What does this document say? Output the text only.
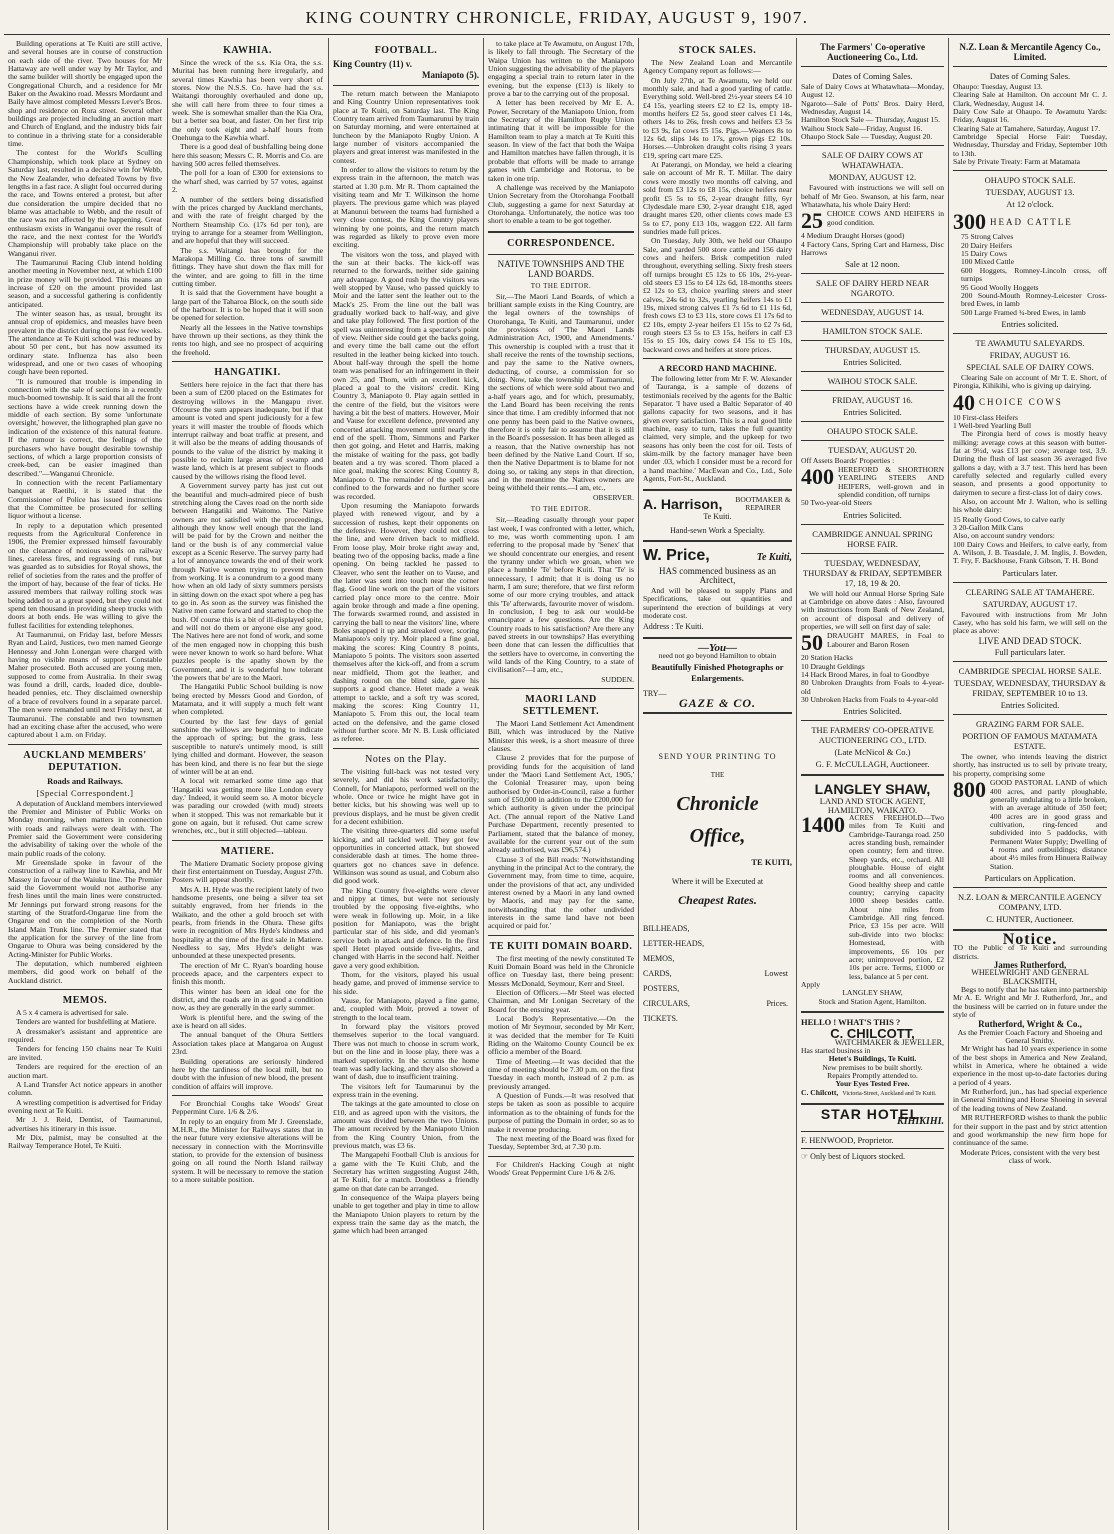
KING COUNTRY CHRONICLE, FRIDAY, AUGUST 9, 1907.

Building operations at Te Kuiti are still active, and several houses are in course of construction on each side of the river. Two houses for Mr Hattaway are well under way by Mr Taylor, and the same builder will shortly be engaged upon the Congregational Church, and a residence for Mr Baker on the Awakino road. Messrs Mordaunt and Baily have almost completed Messrs Lever's Bros. shop and residence on Rora street. Several other buildings are projected including an auction mart and Church of England, and the industry bids fair to continue in a thriving state for a considerable time.

The contest for the World's Sculling Championship, which took place at Sydney on Saturday last, resulted in a decisive win for Webb, the New Zealander, who defeated Towns by five lengths in a fast race. A slight foul occurred during the race, and Towns entered a protest, but after due consideration the umpire decided that no blame was attachable to Webb, and the result of the race was not affected by the happening. Great enthusiasm exists in Wanganui over the result of the race, and the next contest for the World's Championship will probably take place on the Wanganui river.

The Taumarunui Racing Club intend holding another meeting in November next, at which £100 in prize money will be provided. This means an increase of £20 on the amount provided last season, and a successful gathering is confidently anticipated.

The winter season has, as usual, brought its annual crop of epidemics, and measles have been prevalent in the district during the past few weeks. The attendance at Te Kuiti school was reduced by about 50 per cent., but has now assumed its ordinary state. Influenza has also been widespread, and one or two cases of whooping cough have been reported.

"It is rumoured that trouble is impending in connection with the sale of sections in a recently much-boomed township. It is said that all the front sections have a wide creek running down the middle of each section. By some 'unfortunate oversight,' however, the lithographed plan gave no indication of the existence of this natural feature. If the rumour is correct, the feelings of the purchasers who have bought desirable township sections, of which a large proportion consists of creek-bed, can be easier imagined than described."—Wanganui Chronicle.

In connection with the recent Parliamentary banquet at Raetihi, it is stated that the Commissioner of Police has issued instructions that the Committee be prosecuted for selling liquor without a license.

In reply to a deputation which presented requests from the Agricultural Conference in 1906, the Premier expressed himself favourably on the clearance of noxious weeds on railway lines, careless fires, and regrassing of runs, but was guarded as to subsidies for Royal shows, the relief of societies from the rates and the proffer of the import of hay, because of the fear of ticks. He assured members that railway rolling stock was being added to at a great speed, but they could not spend ten thousand in providing sheep trucks with doors at both ends. He was willing to give the fullest facilities for extending telephones.

At Taumarunui, on Friday last, before Messrs Ryan and Laird, Justices, two men named George Hennessy and John Lonergan were charged with having no visible means of support. Constable Maher prosecuted. Both accused are young men, supposed to come from Australia. In their swag was found a drill, cards, loaded dice, double-headed pennies, etc. They disclaimed ownership of a brace of revolvers found in a separate parcel. The men were remanded until next Friday next, at Taumarunui. The constable and two townsmen had an exciting chase after the accused, who were captured about 1 a.m. on Friday.

AUCKLAND MEMBERS' DEPUTATION.
Roads and Railways.
[Special Correspondent.]

A deputation of Auckland members interviewed the Premier and Minister of Public Works on Monday morning, when matters in connection with roads and railways were dealt with. The Premier said the Government were considering the advisability of taking over the whole of the main public roads of the colony.

Mr Greenslade spoke in favour of the construction of a railway line to Kawhia, and Mr Massey in favour of the Waiuku line. The Premier said the Government would not authorise any fresh lines until the main lines were constructed. Mr Jennings put forward strong reasons for the starting of the Stratford-Ongarue line from the Ongarue end on the completion of the North Island Main Trunk line. The Premier stated that the application for the survey of the line from Ongarue to Ohura was being considered by the Acting-Minister for Public Works.

The deputation, which numbered eighteen members, did good work on behalf of the Auckland district.

MEMOS.

A 5 x 4 camera is advertised for sale.

Tenders are wanted for bushfelling at Matiere.

A dressmaker's assistant and apprentice are required.

Tenders for fencing 150 chains near Te Kuiti are invited.

Tenders are required for the erection of an auction mart.

A Land Transfer Act notice appears in another column.

A wrestling competition is advertised for Friday evening next at Te Kuiti.

Mr J. J. Reid, Dentist, of Taumarunui, advertises his itinerary in this issue.

Mr Dix, palmist, may be consulted at the Railway Temperance Hotel, Te Kuiti.

KAWHIA.

Since the wreck of the s.s. Kia Ora, the s.s. Muritai has been running here irregularly, and several times Kawhia has been very short of stores. Now the N.S.S. Co. have had the s.s. Waitangi thoroughly overhauled and done up, she will call here from three to four times a week. She is somewhat smaller than the Kia Ora, but a better sea boat, and faster. On her first trip the only took eight and a-half hours from Onehunga to the Kawhia wharf.

There is a good deal of bushfalling being done here this season; Messrs C. R. Morris and Co. are having 500 acres felled themselves.

The poll for a loan of £300 for extensions to the wharf shed, was carried by 57 votes, against 2.

A number of the settlers being dissatisfied with the prices charged by Auckland merchants, and with the rate of freight charged by the Northern Steamship Co. (17s 6d per ton), are trying to arrange for a steamer from Wellington, and are hopeful that they will succeed.

The s.s. Waitangi has brought for the Marakopa Milling Co. three tons of sawmill fittings. They have shut down the flax mill for the winter, and are going to fill in the time cutting timber.

It is said that the Government have bought a large part of the Taharoa Block, on the south side of the harbour. It is to be hoped that it will soon be opened for selection.

Nearly all the lessees in the Native townships have thrown up their sections, as they think the rents too high, and see no prospect of acquiring the freehold.

HANGATIKI.

Settlers here rejoice in the fact that there has been a sum of £200 placed on the Estimates for destroying willows in the Mangapu river. Ofcourse the sum appears inadequate, but if that amount is voted and spent judiciously for a few years it will master the trouble of floods which interrupt railway and boat traffic at present, and it will also be the means of adding thousands of pounds to the value of the district by making it possible to reclaim large areas of swamp and waste land, which is at present subject to floods caused by the willows rising the flood level.

A Government survey party has just cut out the beautiful and much-admired piece of bush stretching along the Caves road on the north side between Hangatiki and Waitomo. The Native owners are not satisfied with the proceedings, although they know well enough that the land will be paid for by the Crown and neither the land or the bush is of any commercial value except as a Scenic Reserve. The survey party had a lot of annoyance towards the end of their work through Native women trying to prevent them from working. It is a conundrum to a good many how when an old lady of sixty summers persists in sitting down on the exact spot where a peg has to go in. As soon as the survey was finished the Native men came forward and started to chop the bush. Of course this is a bit of ill-displayed spite, and will not do them or anyone else any good. The Natives here are not fond of work, and some of the men engaged now in chopping this bush were never known to work so hard before. What puzzles people is the apathy shown by the Government, and it is wonderful how tolerant 'the powers that be' are to the Maori.

The Hangatiki Public School building is now being erected by Messrs Good and Gordon, of Matamata, and it will supply a much felt want when completed.

Courted by the last few days of genial sunshine the willows are beginning to indicate the approach of spring; but the grass, less susceptible to nature's untimely mood, is still lying chilled and dormant. However, the season has been kind, and there is no fear but the siege of winter will be at an end.

A local wit remarked some time ago that 'Hangatiki was getting more like London every day.' Indeed, it would seem so. A motor bicycle was parading our crowded (with mud) streets when it stopped. This was not remarkable but it gone on again, but it refused. Out came screw wrenches, etc., but it still objected—tableau.

MATIERE.

The Matiere Dramatic Society propose giving their first entertainment on Tuesday, August 27th. Posters will appear shortly.

Mrs A. H. Hyde was the recipient lately of two handsome presents, one being a silver tea set suitably engraved, from her friends in the Waikato, and the other a gold brooch set with pearls, from friends in the Ohura. These gifts were in recognition of Mrs Hyde's kindness and hospitality at the time of the first sale in Matiere. Needless to say, Mrs Hyde's delight was unbounded at these unexpected presents.

The erection of Mr C. Ryan's boarding house proceeds apace, and the carpenters expect to finish this month.

This winter has been an ideal one for the district, and the roads are in as good a condition now, as they are generally in the early summer.

Work is plentiful here, and the swing of the axe is heard on all sides.

The annual banquet of the Ohura Settlers Association takes place at Mangaroa on August 23rd.

Building operations are seriously hindered here by the tardiness of the local mill, but no doubt with the infusion of new blood, the present condition of affairs will improve.

For Bronchial Coughs take Woods' Great Peppermint Cure. 1/6 & 2/6.

In reply to an enquiry from Mr J. Greenslade, M.H.R., the Minister for Railways states that in the near future very extensive alterations will be necessary in connection with the Morrinsville station, to provide for the extension of business going on all round the North Island railway system. It will be necessary to remove the station to a more suitable position.

FOOTBALL.
King Country (11) v.
Maniapoto (5).

The return match between the Maniapoto and King Country Union representatives took place at Te Kuiti, on Saturday last. The King Country team arrived from Taumarunui by train on Saturday morning, and were entertained at luncheon by the Maniapoto Rugby Union. A large number of visitors accompanied the players and great interest was manifested in the contest.

In order to allow the visitors to return by the express train in the afternoon, the match was started at 1.30 p.m. Mr R. Thom captained the visiting team and Mr T. Wilkinson the home players. The previous game which was played at Manunui between the teams had furnished a very close contest, the King Country players winning by one points, and the return match was regarded as likely to prove even more exciting.

The visitors won the toss, and played with the sun at their backs. The kick-off was returned to the forwards, neither side gaining any advantage. A good rush by the visitors was well stopped by Vause, who passed quickly to Moir and the latter sent the leather out to the Mack's 25. From the line out the ball was gradually worked back to half-way, and give and take play followed. The first portion of the spell was uninteresting from a spectator's point of view. Neither side could get the backs going, and every time the ball came out the effort resulted in the leather being kicked into touch. About half-way through the spell the home team was penalised for an infringement in their own 25, and Thom, with an excellent kick, placed a goal to the visitors' credit. King Country 3, Maniapoto 0. Play again settled in the centre of the field, but the visitors were having a bit the best of matters. However, Moir and Vause for excellent defence, prevented any concerted attacking movement until nearly the end of the spell. Thom, Simmons and Parker then got going, and Hetet and Harris, making the mistake of waiting for the pass, got badly beaten and a try was scored. Thom placed a nice goal, making the scores: King Country 8, Maniapoto 0. The remainder of the spell was confined to the forwards and no further score was recorded.

Upon resuming the Maniapoto forwards played with renewed vigour, and by a succession of rushes, kept their opponents on the defensive. However, they could not cross the line, and were driven back to midfield. From loose play, Moir broke right away and, beating two of the opposing backs, made a fine opening. On being tackled he passed to Cleaver, who sent the leather on to Vause, and the latter was sent into touch near the corner flag. Good line work on the part of the visitors carried play once more to the centre. Moir again broke through and made a fine opening. The forwards swarmed round, and assisted in carrying the ball to near the visitors' line, where Boles snapped it up and streaked over, scoring Maniapoto's only try. Moir placed a fine goal, making the scores: King Country 8 points, Maniapoto 5 points. The visitors soon asserted themselves after the kick-off, and from a scrum near midfield, Thom got the leather, and dashing round on the blind side, gave his supports a good chance. Hetet made a weak attempt to tackle, and a soft try was scored, making the scores: King Country 11, Maniapoto 5. From this out, the local team acted on the defensive, and the game closed without further score. Mr N. B. Lusk officiated as referee.

Notes on the Play.

The visiting full-back was not tested very severely, and did his work satisfactorily; Connell, for Maniapoto, performed well on the whole. Once or twice he might have got in better kicks, but his showing was well up to previous displays, and he must be given credit for a decent exhibition.

The visiting three-quarters did some useful kicking, and all tackled well. They got few opportunities in concerted attack, but showed considerable dash at times. The home three-quarters got no chances save in defence. Wilkinson was sound as usual, and Coburn also did good work.

The King Country five-eighths were clever and nippy at times, but were not seriously troubled by the opposing five-eighths, who were weak in following up. Moir, in a like position for Maniapoto, was the bright particular star of his side, and did yeoman's service both in attack and defence. In the first spell Hetet played outside five-eights, and changed with Harris in the second half. Neither gave a very good exhibition.

Thom, for the visitors, played his usual heady game, and proved of immense service to his side.

Vause, for Maniapoto, played a fine game, and, coupled with Moir, proved a tower of strength to the local team.

In forward play the visitors proved themselves superior to the local vanguard. There was not much to choose in scrum work, but on the line and in loose play, there was a marked superiority. In the scrums the home team was sadly lacking, and they also showed a want of dash, due to insufficient training.

The visitors left for Taumarunui by the express train in the evening.

The takings at the gate amounted to close on £10, and as agreed upon with the visitors, the amount was divided between the two Unions. The amount received by the Maniapoto Union from the King Country Union, from the previous match, was £3 6s.

The Mangapehi Football Club is anxious for a game with the Te Kuiti Club, and the Secretary has written suggesting August 24th, at Te Kuiti, for a match. Doubtless a friendly game on that date can be arranged.

In consequence of the Waipa players being unable to get together and play in time to allow the Maniapoto Union players to return by the express train the same day as the match, the game which had been arranged

to take place at Te Awamutu, on August 17th, is likely to fall through. The Secretary of the Waipa Union has written to the Maniapoto Union suggesting the advisability of the players engaging a special train to return later in the evening, but the expense (£13) is likely to prove a bar to the carrying out of the proposal.

A letter has been received by Mr E. A. Power, Secretary of the Maniapoto Union, from the Secretary of the Hamilton Rugby Union intimating that it will be impossible for the Hamilton team to play a match at Te Kuiti this season. In view of the fact that both the Waipa and Hamilton matches have fallen through, it is probable that efforts will be made to arrange games with Cambridge and Rotorua, to be taken in one trip.

A challenge was received by the Maniapoto Union Secretary from the Otorohanga Football Club, suggesting a game for next Saturday at Otorohanga. Unfortunately, the notice was too short to enable a team to be got together.

CORRESPONDENCE.
NATIVE TOWNSHIPS AND THE LAND BOARDS.
TO THE EDITOR.

Sir,—The Maori Land Boards, of which a brilliant sample exists in the King Country, are the legal owners of the townships of Otorohanga, Te Kuiti, and Taumarunui, under the provisions of 'The Maori Lands Administration Act, 1900, and Amendments.' This ownership is coupled with a trust that it shall receive the rents of the township sections, and pay the same to the Native owners, deducting, of course, a commission for so doing. Now, take the township of Taumarunui, the sections of which were sold about two and a-half years ago, and for which, presumably, the Land Board has been receiving the rents since that time. I am credibly informed that not one penny has been paid to the Native owners, therefore it is only fair to assume that it is still in the Board's possession. It has been alleged as a reason, that the Native ownership has not been defined by the Native Land Court. If so, then the Native Department is to blame for not doing so, or taking any steps in that direction, and in the meantime the Natives owners are being withheld their rents.—I am, etc.,

OBSERVER.
TO THE EDITOR.

Sir,—Reading casually through your paper last week, I was confronted with a letter, which, to me, was worth commenting upon. I am referring to the proposal made by 'Senex' that we should concentrate our energies, and resent the tyranny under which we groan, when we place a humble 'Te' before Kuiti. That 'Te' is unnecessary, I admit; that it is doing us no harm, I am sure; therefore, that we first reform some of our more crying troubles, and attack this 'Te' afterwards, favourite mover of wisdom. In conclusion, I beg to ask our would-be emancipator a few questions. Are the King Country roads to his satisfaction? Are there any paved streets in our townships? Has everything been done that can lessen the difficulties that the settlers have to overcome, in converting the wild lands of the King Country, to a state of civilisation?—I am, etc.,

SUDDEN.
MAORI LAND SETTLEMENT.

The Maori Land Settlement Act Amendment Bill, which was introduced by the Native Minister this week, is a short measure of three clauses.

Clause 2 provides that for the purpose of providing funds for the acquisition of land under the 'Maori Land Settlement Act, 1905,' the Colonial Treasurer may, upon being authorised by Order-in-Council, raise a further sum of £50,000 in addition to the £200,000 for which authority is given under the principal Act. (The annual report of the Native Land Purchase Department, recently presented to Parliament, stated that the balance of money, available for the current year out of the sum already authorised, was £96,574.)

Clause 3 of the Bill reads: 'Notwithstanding anything in the principal Act to the contrary, the Government may, from time to time, acquire, under the provisions of that act, any undivided interest owned by a Maori in any land owned by Maoris, and may pay for the same, notwithstanding that the other undivided interests in the same land have not been acquired or paid for.'

TE KUITI DOMAIN BOARD.

The first meeting of the newly constituted Te Kuiti Domain Board was held in the Chronicle office on Tuesday last, there being present: Messrs McDonald, Seymour, Kerr and Steel.

Election of Officers.—Mr Steel was elected Chairman, and Mr Lonigan Secretary of the Board for the ensuing year.

Local Body's Representative.—On the motion of Mr Seymour, seconded by Mr Kerr, it was decided that the member for Te Kuiti Riding on the Waitomo County Council be ex officio a member of the Board.

Time of Meeting.—It was decided that the time of meeting should be 7.30 p.m. on the first Tuesday in each month, instead of 2 p.m. as previously arranged.

A Question of Funds.—It was resolved that steps be taken as soon as possible to acquire information as to the obtaining of funds for the purpose of putting the Domain in order, so as to make it revenue producing.

The next meeting of the Board was fixed for Tuesday, September 3rd, at 7.30 p.m.

For Children's Hacking Cough at night Woods' Great Peppermint Cure 1/6 & 2/6.

STOCK SALES.

The New Zealand Loan and Mercantile Agency Company report as follows:—

On July 27th, at Te Awamutu, we held our monthly sale, and had a good yarding of cattle. Everything sold. Well-bred 2½-year steers £4 10 £4 15s, yearling steers £2 to £2 1s, empty 18-months heifers £2 5s, good steer calves £1 14s, others 14s to 26s, fresh cows and heifers £3 5s to £3 9s, fat cows £5 15s. Pigs.—Weaners 8s to 12s 6d, slips 14s to 17s, grown pigs £2 10s. Horses.—Unbroken draught colts rising 3 years £19, spring cart mare £25.

At Paterangi, on Monday, we held a clearing sale on account of Mr R. T. Millar. The dairy cows were mostly two months off calving, and sold from £3 12s to £8 15s, choice heifers near profit £5 5s to £6, 2-year draught filly, 6yr Clydesdale mare £30, 2-year draught £18, aged draught mares £20, other clients cows made £3 5s to £7, pony £13 10s, waggon £22. All farm sundries made full prices.

On Tuesday, July 30th, we held our Ohaupo Sale, and yarded 500 store cattle and 156 dairy cows and heifers. Brisk competition ruled throughout, everything selling. Sixty fresh steers off turnips brought £5 12s to £6 10s, 2½-year-old steers £3 15s to £4 12s 6d, 18-months steers £2 12s to £3, choice yearling steers and steer calves, 24s 6d to 32s, yearling heifers 14s to £1 19s, mixed strong calves £1 7s 6d to £1 11s 6d, fresh cows £3 to £3 11s, store cows £1 17s 6d to £2 10s, empty 2-year heifers £1 15s to £2 7s 6d, rough steers £3 5s to £3 15s, heifers in calf £3 15s to £5 10s, dairy cows £4 15s to £5 10s, backward cows and heifers at store prices.

A RECORD HAND MACHINE.

The following letter from Mr F. W. Alexander of Tauranga, is a sample of dozens of testimonials received by the agents for the Baltic Separator. 'I have used a Baltic Separator of 40 gallons capacity for two seasons, and it has given every satisfaction. This is a real good little machine, easy to turn, takes the full quantity claimed, very simple, and the upkeep for two seasons has only been the cost for oil. Tests of skim-milk by the factory manager have been under .03, which I consider must be a record for a hand machine.' MacEwan and Co., Ltd., Sole Agents, Fort-St., Auckland.

A. Harrison, BOOTMAKER & REPAIRER
Te Kuiti.
Hand-sewn Work a Specialty.
W. Price,	Te Kuiti,
HAS commenced business as an Architect,

And will be pleased to supply Plans and Specifications, take out quantities and superintend the erection of buildings at very moderate cost.

Address : Te Kuiti.
—You—
need not go beyond Hamilton to obtain
Beautifully Finished Photographs or Enlargements.
TRY—
GAZE & CO.
SEND YOUR PRINTING TO
THE
Chronicle
Office,
TE KUITI,
Where it will be Executed at
Cheapest Rates.
BILLHEADS,
LETTER-HEADS,
MEMOS,
CARDS,
POSTERS,
CIRCULARS,
TICKETS.
Lowest
Prices.
The Farmers' Co-operative Auctioneering Co., Ltd.
Dates of Coming Sales.
Sale of Dairy Cows at Whatawhata—Monday, August 12.
Ngaroto—Sale of Potts' Bros. Dairy Herd, Wednesday, August 14.
Hamilton Stock Sale — Thursday, August 15.
Waihou Stock Sale—Friday, August 16.
Ohaupo Stock Sale — Tuesday, August 20.
SALE OF DAIRY COWS AT WHATAWHATA.
MONDAY, AUGUST 12.

Favoured with instructions we will sell on behalf of Mr Geo. Swanson, at his farm, near Whatawhata, his whole Dairy Herd:

25 CHOICE COWS AND HEIFERS in good condition.
4 Medium Draught Horses (good)
4 Factory Cans, Spring Cart and Harness, Disc Harrows
Sale at 12 noon.
SALE OF DAIRY HERD NEAR NGAROTO.
WEDNESDAY, AUGUST 14.
HAMILTON STOCK SALE.
THURSDAY, AUGUST 15.
Entries Solicited.
WAIHOU STOCK SALE.
FRIDAY, AUGUST 16.
Entries Solicited.
OHAUPO STOCK SALE.
TUESDAY, AUGUST 20.
Off Assets Boards' Properties :
400 HEREFORD & SHORTHORN YEARLING STEERS AND HEIFERS, well-grown and in splendid condition, off turnips
50 Two-year-old Steers
Entries Solicited.
CAMBRIDGE ANNUAL SPRING HORSE FAIR.
TUESDAY, WEDNESDAY, THURSDAY & FRIDAY, SEPTEMBER 17, 18, 19 & 20.

We will hold our Annual Horse Spring Sale at Cambridge on above dates : Also, favoured with instructions from Bank of New Zealand, on account of disposal and delivery of properties, we will sell on first day of sale:

50 DRAUGHT MARES, in Foal to Labourer and Baron Rosen
20 Station Hacks
10 Draught Geldings
14 Hack Brood Mares, in foal to Goodbye
80 Unbroken Draughts from Foals to 4-year-old
30 Unbroken Hacks from Foals to 4-year-old
Entries Solicited.
THE FARMERS' CO-OPERATIVE AUCTIONEERING CO., LTD.
(Late McNicol & Co.)
G. F. McCULLAGH, Auctioneer.
LANGLEY SHAW,
LAND AND STOCK AGENT,
HAMILTON, WAIKATO.
1400 ACRES FREEHOLD—Two miles from Te Kuiti and Cambridge-Tauranga road. 250 acres standing bush, remainder open country; fern and titree. Sheep yards, etc., orchard. All ploughable. House of eight rooms and all conveniences. Good healthy sheep and cattle country; carrying capacity 1000 sheep besides cattle. About nine miles from Cambridge. All ring fenced. Price, £3 15s per acre. Will sub-divide into two blocks: Homestead, with improvements, £6 10s per acre; unimproved portion, £2 10s per acre. Terms, £1000 or less, balance at 5 per cent.
Apply
LANGLEY SHAW,
Stock and Station Agent, Hamilton.
HELLO ! WHAT'S THIS ?
C. CHILCOTT,
WATCHMAKER & JEWELLER,
Has started business in
Hetet's Buildings, Te Kuiti.
New premises to be built shortly.
Repairs Promptly attended to.
Your Eyes Tested Free.
C. Chilcott, Victoria-Street, Auckland and Te Kuiti.
STAR HOTEL,
KIHIKIHI.
F. HENWOOD, Proprietor.
☞ Only best of Liquors stocked.
N.Z. Loan & Mercantile Agency Co., Limited.
Dates of Coming Sales.
Ohaupo: Tuesday, August 13.
Clearing Sale at Hamilton. On account Mr C. J. Clark, Wednesday, August 14.
Dairy Cow Sale at Ohaupo. Te Awamutu Yards: Friday, August 16.
Clearing Sale at Tamahere, Saturday, August 17.
Cambridge Special Horse Fair: Tuesday, Wednesday, Thursday and Friday, September 10th to 13th.
Sale by Private Treaty: Farm at Matamata
OHAUPO STOCK SALE.
TUESDAY, AUGUST 13.
At 12 o'clock.
300 HEAD CATTLE
75 Strong Calves
20 Dairy Heifers
15 Dairy Cows
100 Mixed Cattle
600 Hoggets, Romney-Lincoln cross, off turnips
95 Good Woolly Hoggets
200 Sound-Mouth Romney-Leicester Cross-bred Ewes, in lamb
500 Large Framed ¾-bred Ewes, in lamb
Entries solicited.
TE AWAMUTU SALEYARDS.
FRIDAY, AUGUST 16.
SPECIAL SALE OF DAIRY COWS.

Clearing Sale on account of Mr T. E. Short, of Pirongia, Kihikihi, who is giving up dairying.

40 CHOICE COWS
10 First-class Heifers
1 Well-bred Yearling Bull

The Pirongia herd of cows is mostly heavy milking: average cows at this season with butter-fat at 9½d, was £13 per cow; average test, 3.9. During the flush of last season 36 averaged five gallons a day, with a 3.7 test. This herd has been carefully selected and regularly culled every season, and presents a good opportunity to dairymen to secure a first-class lot of dairy cows.

Also, on account Mr J. Walton, who is selling his whole dairy:

15 Really Good Cows, to calve early
3 20-Gallon Milk Cans
Also, on account sundry vendors:
100 Dairy Cows and Heifers, to calve early, from A. Wilson, J. B. Teasdale, J. M. Inglis, J. Bowden, T. Fry, F. Backhouse, Frank Gibson, T. H. Bond
Particulars later.
CLEARING SALE AT TAMAHERE.
SATURDAY, AUGUST 17.

Favoured with instructions from Mr John Casey, who has sold his farm, we will sell on the place as above:

LIVE AND DEAD STOCK.
Full particulars later.
CAMBRIDGE SPECIAL HORSE SALE.
TUESDAY, WEDNESDAY, THURSDAY & FRIDAY, SEPTEMBER 10 to 13.
Entries Solicited.
GRAZING FARM FOR SALE.
PORTION OF FAMOUS MATAMATA ESTATE.

The owner, who intends leaving the district shortly, has instructed us to sell by private treaty, his property, comprising some

800 GOOD PASTORAL LAND of which 400 acres, and partly ploughable, generally undulating to a little broken, with an average altitude of 350 feet; 400 acres are in good grass and cultivation, ring-fenced and subdivided into 5 paddocks, with Permanent Water Supply; Dwelling of 4 rooms and outbuildings; distance about 4½ miles from Hinuera Railway Station.
Particulars on Application.
N.Z. LOAN & MERCANTILE AGENCY COMPANY, LTD.
C. HUNTER, Auctioneer.
Notice.
TO the Public of Te Kuiti and surrounding districts.
James Rutherford,
WHEELWRIGHT AND GENERAL BLACKSMITH,

Begs to notify that he has taken into partnership Mr A. E. Wright and Mr J. Rutherford, Jnr., and the business will be carried on in future under the style of

Rutherford, Wright & Co.,
As the Premier Coach Factory and Shoeing and General Smithy.

Mr Wright has had 10 years experience in some of the best shops in America and New Zealand, whilst in America, where he obtained a wide experience in the most up-to-date factories during a period of 4 years.

Mr Rutherford, jun., has had special experience in General Smithing and Horse Shoeing in several of the leading towns of New Zealand.

MR RUTHERFORD wishes to thank the public for their support in the past and by strict attention and good workmanship the new firm hope for continuance of the same.

Moderate Prices, consistent with the very best class of work.
